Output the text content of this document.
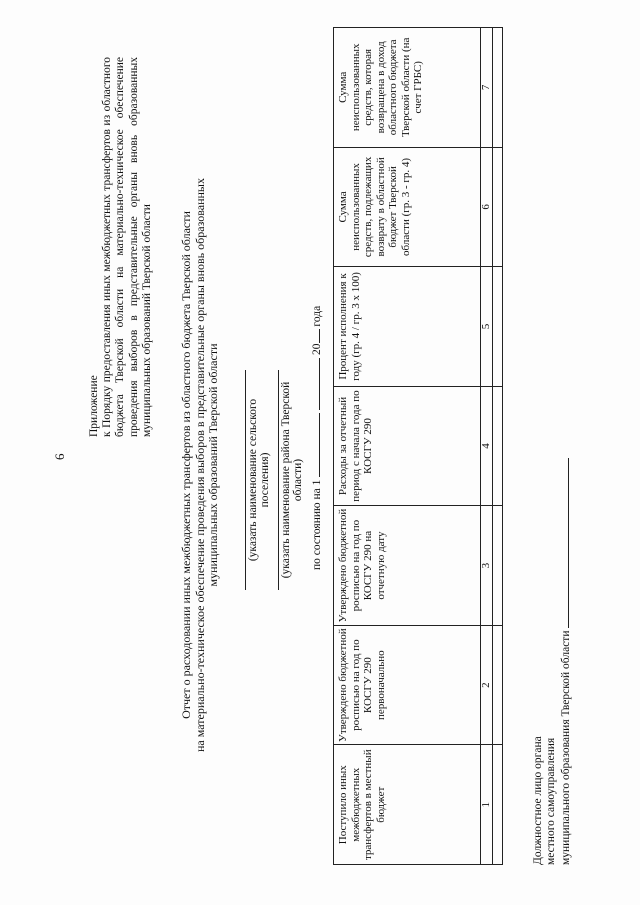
6
Приложение к Порядку предоставления иных межбюджетных трансфертов из областного бюджета Тверской области на материально-техническое обеспечение проведения выборов в представительные органы вновь образованных муниципальных образований Тверской области Отчет о расходовании иных межбюджетных трансфертов из областного бюджета Тверской области на материально-техническое обеспечение проведения выборов в представительные органы вновь образованных муниципальных образований Тверской области (указать наименование сельского поселения) (указать наименование района Тверской области) по состоянию на 1   20 года
Поступило иных межбюджетных трансфертов в местный бюджет	Утверждено бюджетной росписью на год по КОСГУ 290 первоначально	Утверждено бюджетной росписью на год по КОСГУ 290 на отчетную дату	Расходы за отчетный период с начала года по КОСГУ 290	Процент исполнения к году (гр. 4 / гр. 3 х 100)	Сумма неиспользованных средств, подлежащих возврату в областной бюджет Тверской области (гр. 3 - гр. 4)	Сумма неиспользованных средств, которая возвращена в доход областного бюджета Тверской области (на счет ГРБС)
1	2	3	4	5	6	7

Должностное лицо органа местного самоуправления муниципального образования Тверской области
